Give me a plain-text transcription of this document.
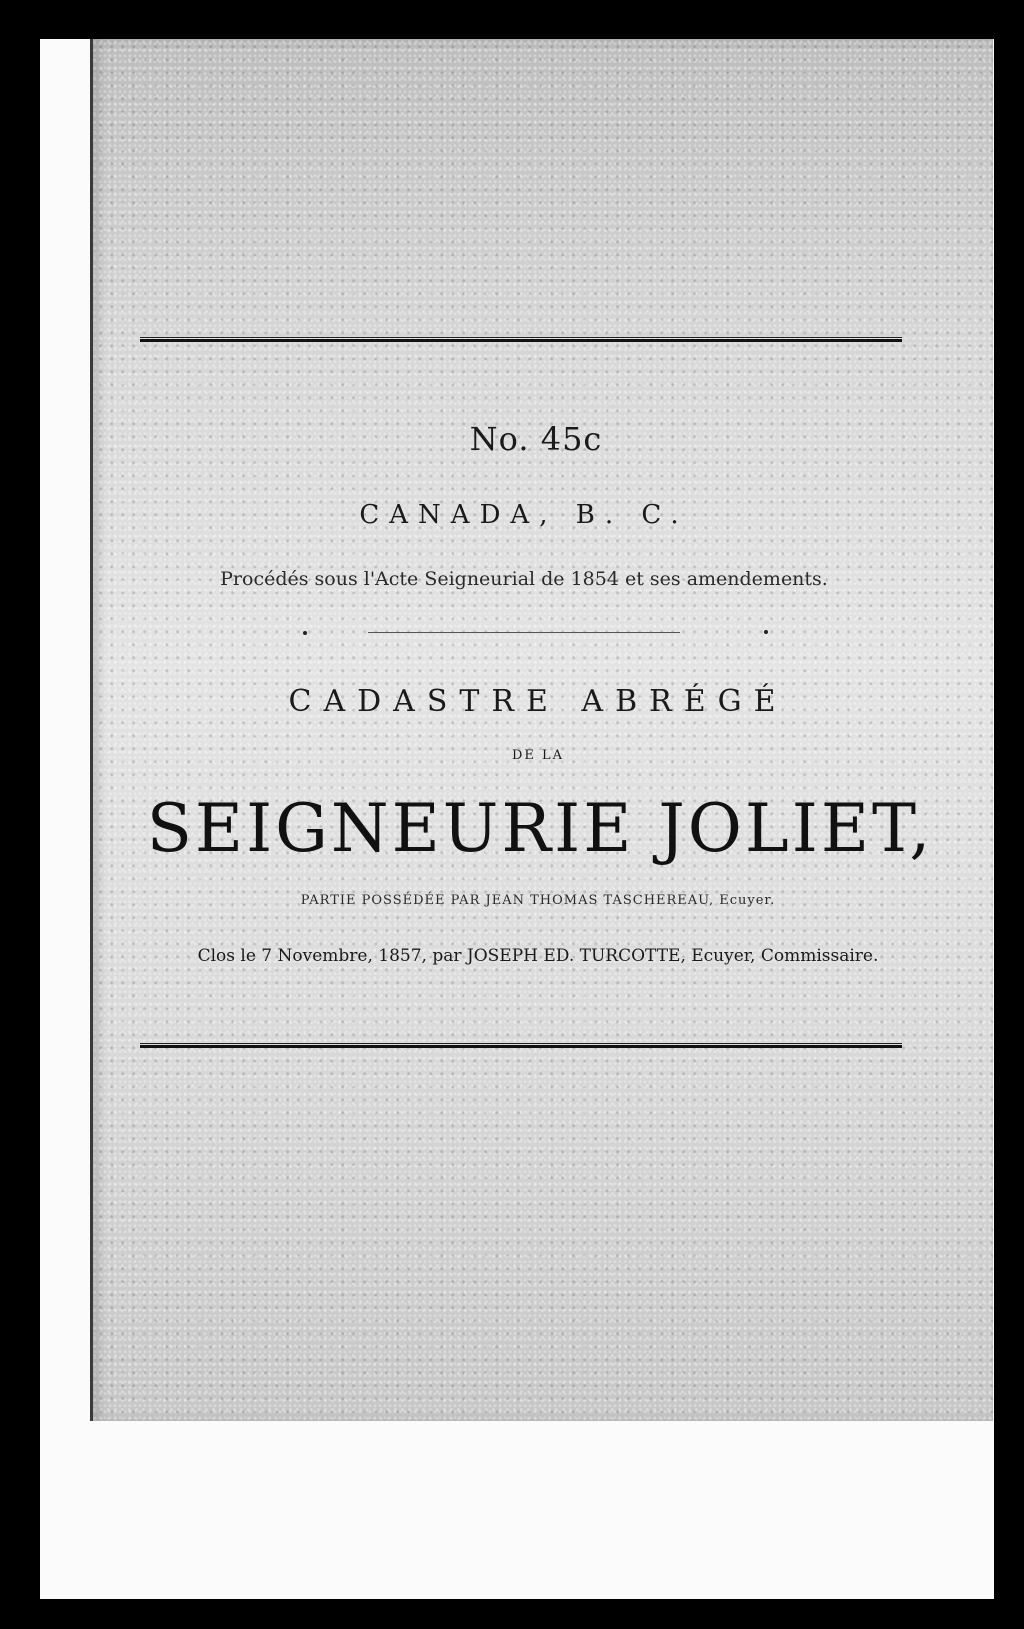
No. 45c
CANADA, B. C.
Procédés sous l'Acte Seigneurial de 1854 et ses amendements.
CADASTRE ABRÉGÉ
DE LA
SEIGNEURIE JOLIET,
PARTIE POSSÉDÉE PAR JEAN THOMAS TASCHEREAU, Ecuyer.
Clos le 7 Novembre, 1857, par JOSEPH ED. TURCOTTE, Ecuyer, Commissaire.
